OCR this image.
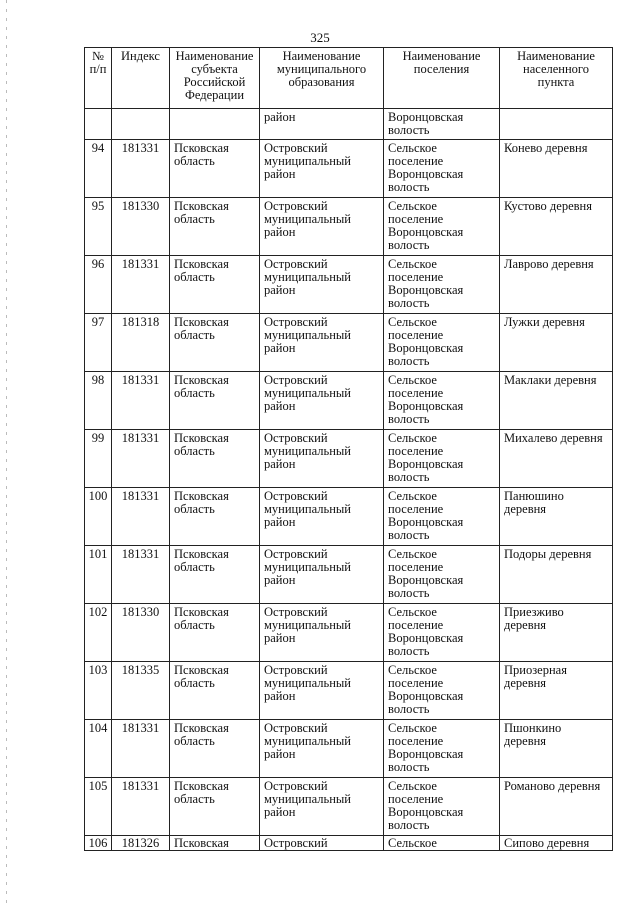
325
№ п/п	Индекс	Наименование субъекта Российской Федерации	Наименование муниципального образования	Наименование поселения	Наименование населенного пункта

			район	Воронцовская
волость	

94	181331	Псковская
область	Островский
муниципальный
район	Сельское
поселение
Воронцовская
волость	Конево деревня

95	181330	Псковская
область	Островский
муниципальный
район	Сельское
поселение
Воронцовская
волость	Кустово деревня

96	181331	Псковская
область	Островский
муниципальный
район	Сельское
поселение
Воронцовская
волость	Лаврово деревня

97	181318	Псковская
область	Островский
муниципальный
район	Сельское
поселение
Воронцовская
волость	Лужки деревня

98	181331	Псковская
область	Островский
муниципальный
район	Сельское
поселение
Воронцовская
волость	Маклаки деревня

99	181331	Псковская
область	Островский
муниципальный
район	Сельское
поселение
Воронцовская
волость	Михалево деревня

100	181331	Псковская
область	Островский
муниципальный
район	Сельское
поселение
Воронцовская
волость	Панюшино
деревня

101	181331	Псковская
область	Островский
муниципальный
район	Сельское
поселение
Воронцовская
волость	Подоры деревня

102	181330	Псковская
область	Островский
муниципальный
район	Сельское
поселение
Воронцовская
волость	Приезживо
деревня

103	181335	Псковская
область	Островский
муниципальный
район	Сельское
поселение
Воронцовская
волость	Приозерная
деревня

104	181331	Псковская
область	Островский
муниципальный
район	Сельское
поселение
Воронцовская
волость	Пшонкино
деревня

105	181331	Псковская
область	Островский
муниципальный
район	Сельское
поселение
Воронцовская
волость	Романово деревня

106	181326	Псковская	Островский	Сельское	Сипово деревня
